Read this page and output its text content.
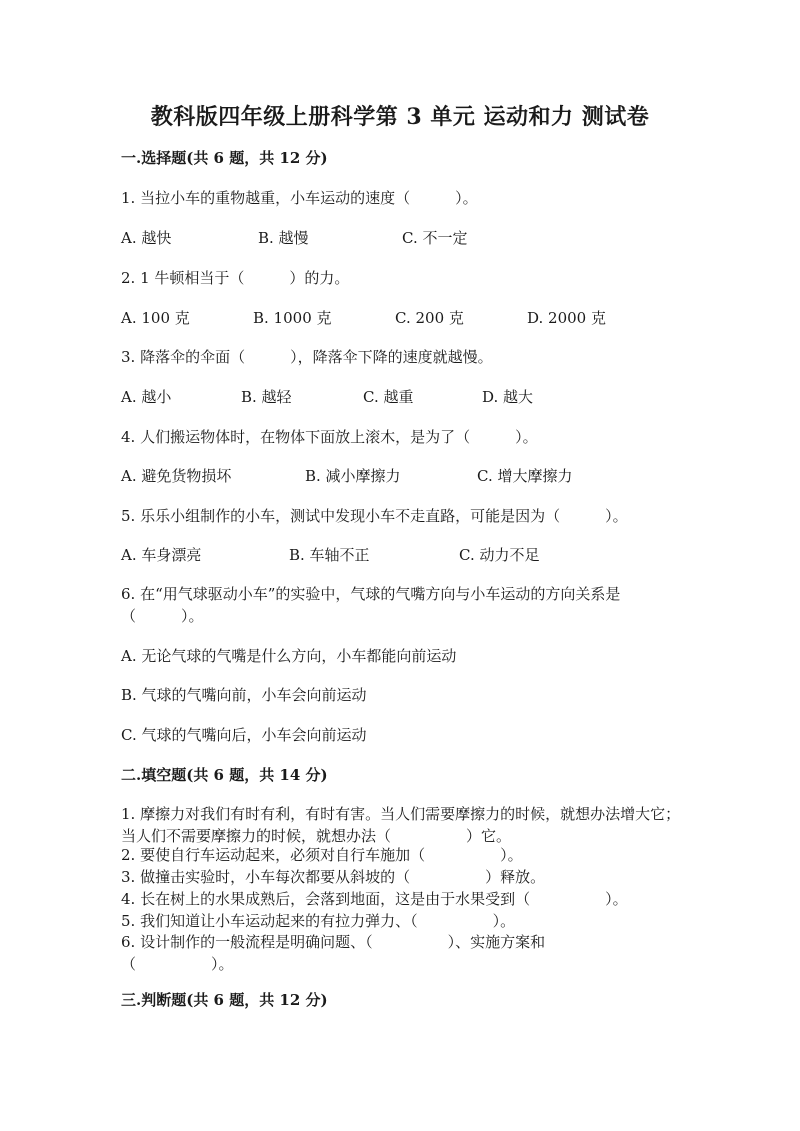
教科版四年级上册科学第 3 单元 运动和力 测试卷
一.选择题(共 6 题，共 12 分)
1. 当拉小车的重物越重，小车运动的速度（　　　）。
A. 越快	B. 越慢	C. 不一定
2. 1 牛顿相当于（　　　）的力。
A. 100 克	B. 1000 克	C. 200 克	D. 2000 克
3. 降落伞的伞面（　　　），降落伞下降的速度就越慢。
A. 越小	B. 越轻	C. 越重	D. 越大
4. 人们搬运物体时，在物体下面放上滚木，是为了（　　　）。
A. 避免货物损坏	B. 减小摩擦力	C. 增大摩擦力
5. 乐乐小组制作的小车，测试中发现小车不走直路，可能是因为（　　　）。
A. 车身漂亮	B. 车轴不正	C. 动力不足
6. 在“用气球驱动小车”的实验中，气球的气嘴方向与小车运动的方向关系是（　　　）。
A. 无论气球的气嘴是什么方向，小车都能向前运动
B. 气球的气嘴向前，小车会向前运动
C. 气球的气嘴向后，小车会向前运动
二.填空题(共 6 题，共 14 分)
1. 摩擦力对我们有时有利，有时有害。当人们需要摩擦力的时候，就想办法增大它；当人们不需要摩擦力的时候，就想办法（　　　　　）它。
2. 要使自行车运动起来，必须对自行车施加（　　　　　）。
3. 做撞击实验时，小车每次都要从斜坡的（　　　　　）释放。
4. 长在树上的水果成熟后，会落到地面，这是由于水果受到（　　　　　）。
5. 我们知道让小车运动起来的有拉力弹力、（　　　　　）。
6. 设计制作的一般流程是明确问题、（　　　　　）、实施方案和（　　　　　）。
三.判断题(共 6 题，共 12 分)
